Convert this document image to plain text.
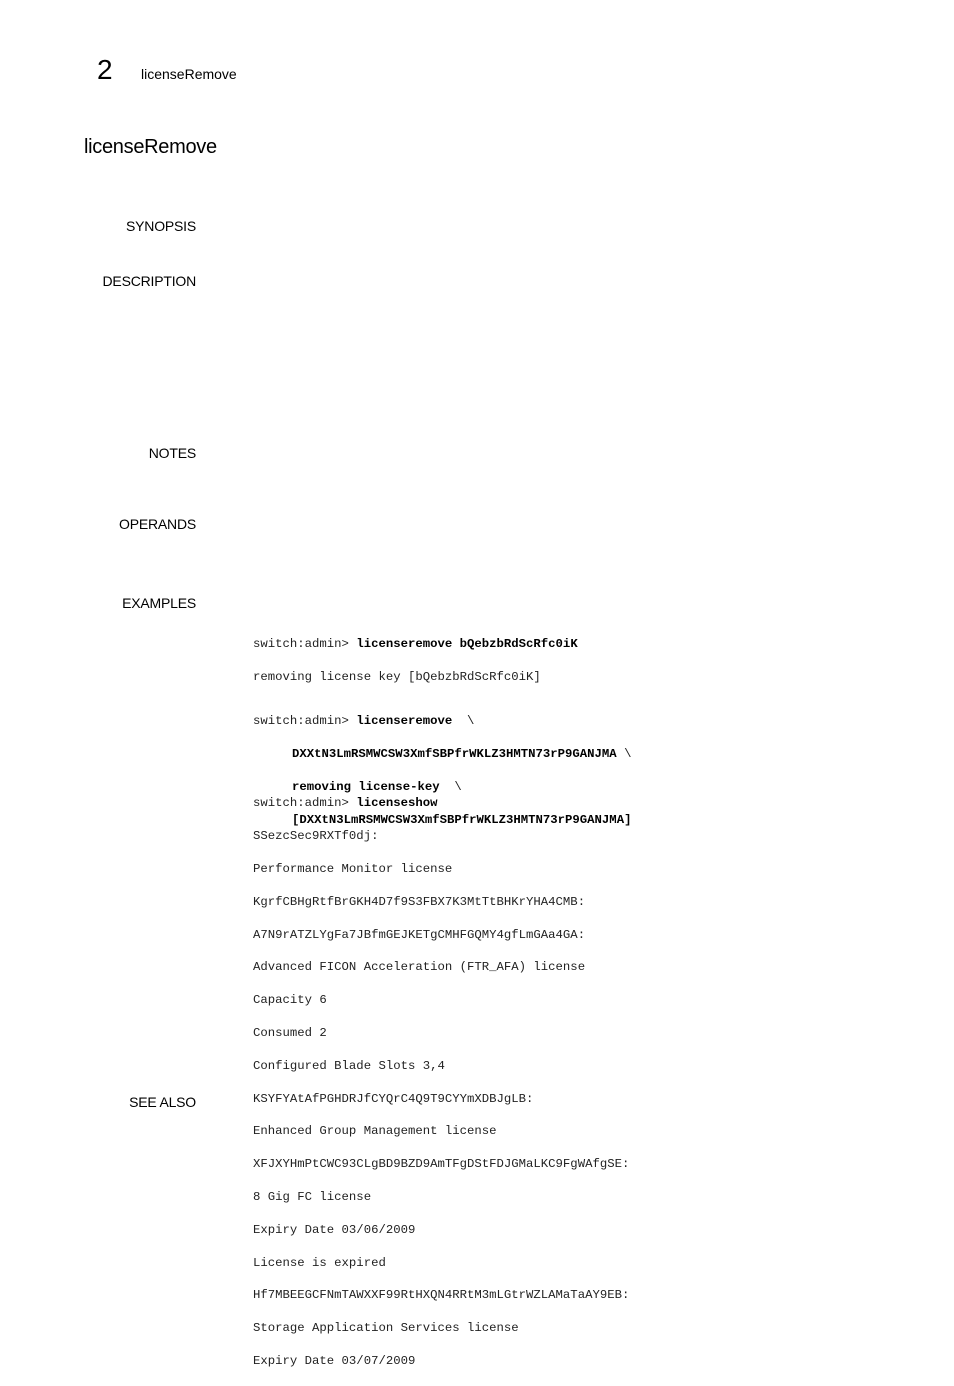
2 licenseRemove
licenseRemove
SYNOPSIS
DESCRIPTION
NOTES
OPERANDS
EXAMPLES
SEE ALSO

switch:admin> licenseremove bQebzbRdScRfc0iK

removing license key [bQebzbRdScRfc0iK]

switch:admin> licenseremove  \

DXXtN3LmRSMWCSW3XmfSBPfrWKLZ3HMTN73rP9GANJMA \

removing license-key  \

[DXXtN3LmRSMWCSW3XmfSBPfrWKLZ3HMTN73rP9GANJMA]

switch:admin> licenseshow

SSezcSec9RXTf0dj:

Performance Monitor license

KgrfCBHgRtfBrGKH4D7f9S3FBX7K3MtTtBHKrYHA4CMB:

A7N9rATZLYgFa7JBfmGEJKETgCMHFGQMY4gfLmGAa4GA:

Advanced FICON Acceleration (FTR_AFA) license

Capacity 6

Consumed 2

Configured Blade Slots 3,4

KSYFYAtAfPGHDRJfCYQrC4Q9T9CYYmXDBJgLB:

Enhanced Group Management license

XFJXYHmPtCWC93CLgBD9BZD9AmTFgDStFDJGMaLKC9FgWAfgSE:

8 Gig FC license

Expiry Date 03/06/2009

License is expired

Hf7MBEEGCFNmTAWXXF99RtHXQN4RRtM3mLGtrWZLAMaTaAY9EB:

Storage Application Services license

Expiry Date 03/07/2009
